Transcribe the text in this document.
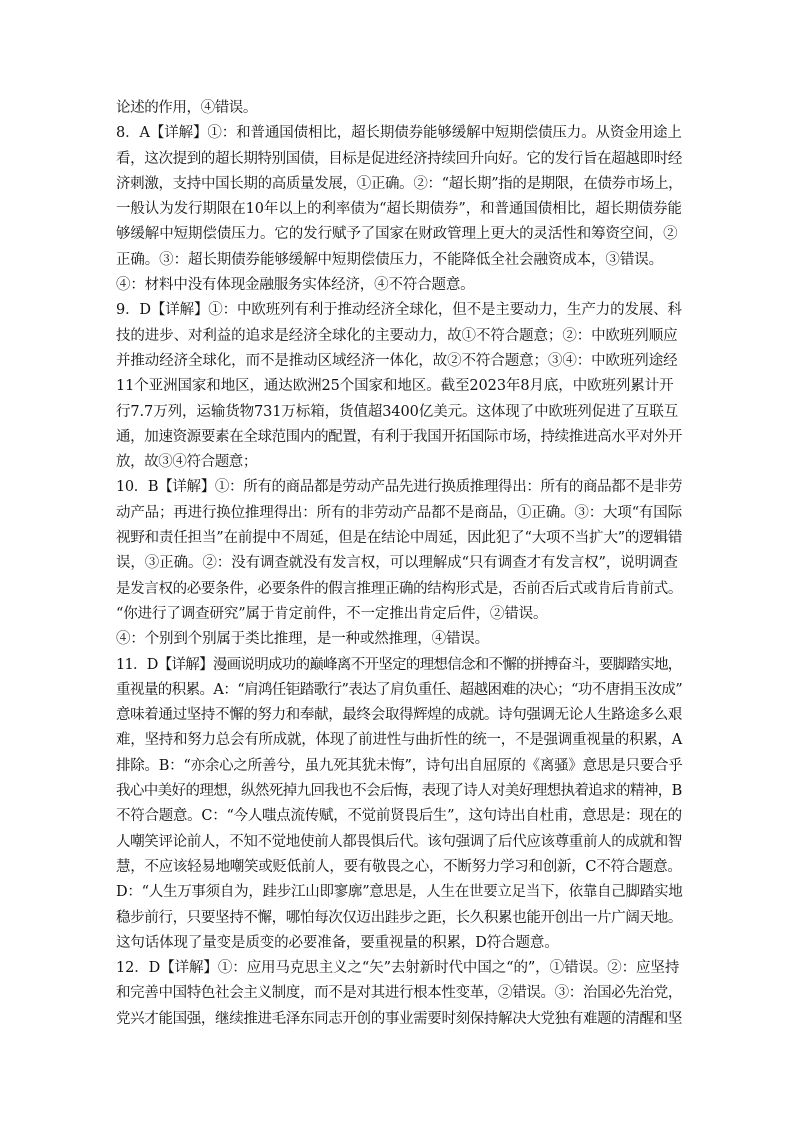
论述的作用，④错误。
8．A【详解】①：和普通国债相比，超长期债券能够缓解中短期偿债压力。从资金用途上
看，这次提到的超长期特别国债，目标是促进经济持续回升向好。它的发行旨在超越即时经
济刺激，支持中国长期的高质量发展，①正确。②：“超长期”指的是期限，在债券市场上，
一般认为发行期限在10年以上的利率债为“超长期债券”，和普通国债相比，超长期债券能
够缓解中短期偿债压力。它的发行赋予了国家在财政管理上更大的灵活性和筹资空间，②
正确。③：超长期债券能够缓解中短期偿债压力，不能降低全社会融资成本，③错误。
④：材料中没有体现金融服务实体经济，④不符合题意。
9．D【详解】①：中欧班列有利于推动经济全球化，但不是主要动力，生产力的发展、科
技的进步、对利益的追求是经济全球化的主要动力，故①不符合题意；②：中欧班列顺应
并推动经济全球化，而不是推动区域经济一体化，故②不符合题意；③④：中欧班列途经
11个亚洲国家和地区，通达欧洲25个国家和地区。截至2023年8月底，中欧班列累计开
行7.7万列，运输货物731万标箱，货值超3400亿美元。这体现了中欧班列促进了互联互
通，加速资源要素在全球范围内的配置，有利于我国开拓国际市场，持续推进高水平对外开
放，故③④符合题意；
10．B【详解】①：所有的商品都是劳动产品先进行换质推理得出：所有的商品都不是非劳
动产品；再进行换位推理得出：所有的非劳动产品都不是商品，①正确。③：大项“有国际
视野和责任担当”在前提中不周延，但是在结论中周延，因此犯了“大项不当扩大”的逻辑错
误，③正确。②：没有调查就没有发言权，可以理解成“只有调查才有发言权”，说明调查
是发言权的必要条件，必要条件的假言推理正确的结构形式是，否前否后式或肯后肯前式。
“你进行了调查研究”属于肯定前件，不一定推出肯定后件，②错误。
④：个别到个别属于类比推理，是一种或然推理，④错误。
11．D【详解】漫画说明成功的巅峰离不开坚定的理想信念和不懈的拼搏奋斗，要脚踏实地，
重视量的积累。A：“肩鸿任钜踏歌行”表达了肩负重任、超越困难的决心；“功不唐捐玉汝成”
意味着通过坚持不懈的努力和奉献，最终会取得辉煌的成就。诗句强调无论人生路途多么艰
难，坚持和努力总会有所成就，体现了前进性与曲折性的统一，不是强调重视量的积累，A
排除。B：“亦余心之所善兮，虽九死其犹未悔”，诗句出自屈原的《离骚》意思是只要合乎
我心中美好的理想，纵然死掉九回我也不会后悔，表现了诗人对美好理想执着追求的精神，B
不符合题意。C：“今人嗤点流传赋，不觉前贤畏后生”，这句诗出自杜甫，意思是：现在的
人嘲笑评论前人，不知不觉地使前人都畏惧后代。该句强调了后代应该尊重前人的成就和智
慧，不应该轻易地嘲笑或贬低前人，要有敬畏之心，不断努力学习和创新，C不符合题意。
D：“人生万事须自为，跬步江山即寥廓”意思是，人生在世要立足当下，依靠自己脚踏实地
稳步前行，只要坚持不懈，哪怕每次仅迈出跬步之距，长久积累也能开创出一片广阔天地。
这句话体现了量变是质变的必要准备，要重视量的积累，D符合题意。
12．D【详解】①：应用马克思主义之“矢”去射新时代中国之“的”，①错误。②：应坚持
和完善中国特色社会主义制度，而不是对其进行根本性变革，②错误。③：治国必先治党，
党兴才能国强，继续推进毛泽东同志开创的事业需要时刻保持解决大党独有难题的清醒和坚
